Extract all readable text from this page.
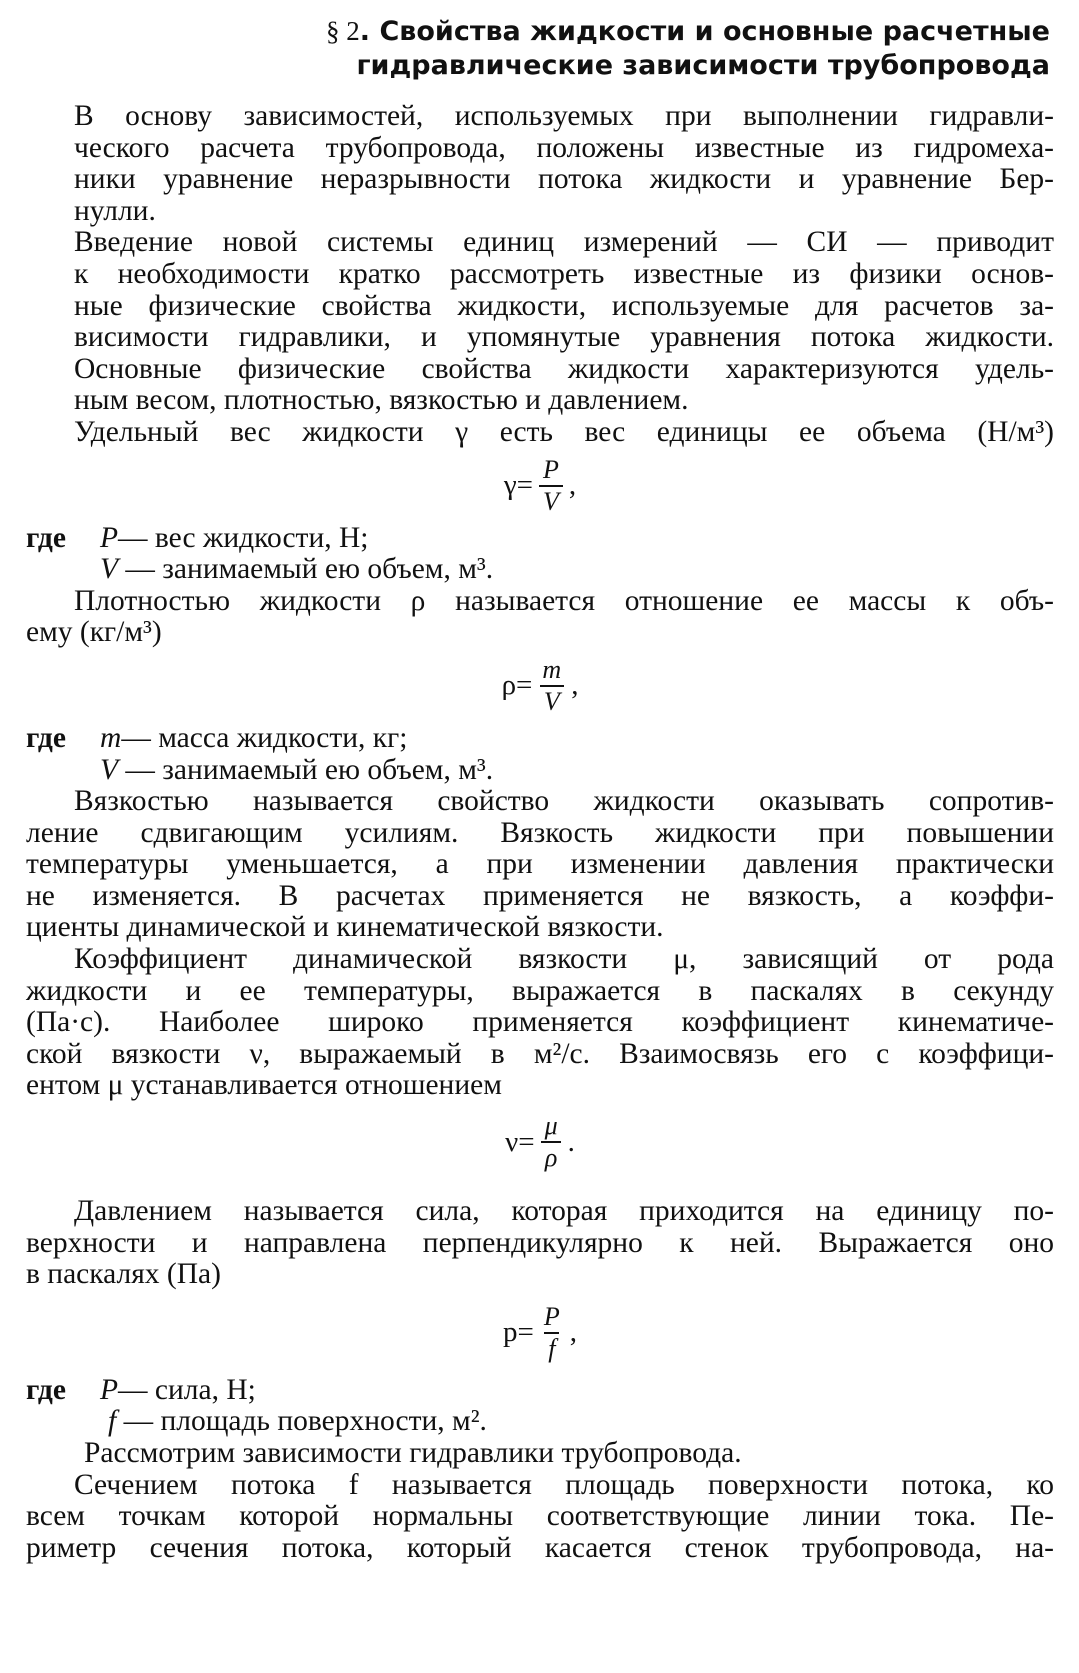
§ 2. Свойства жидкости и основные расчетные
гидравлические зависимости трубопровода

В основу зависимостей, используемых при выполнении гидравли-
ческого расчета трубопровода, положены известные из гидромеха-
ники уравнение неразрывности потока жидкости и уравнение Бер-
нулли.

Введение новой системы единиц измерений — СИ — приводит
к необходимости кратко рассмотреть известные из физики основ-
ные физические свойства жидкости, используемые для расчетов за-
висимости гидравлики, и упомянутые уравнения потока жидкости.
Основные физические свойства жидкости характеризуются удель-
ным весом, плотностью, вязкостью и давлением.

Удельный вес жидкости γ есть вес единицы ее объема (Н/м³)

$\gamma = \frac{P}{V}$ ,
где	P — вес жидкости, Н;
V — занимаемый ею объем, м³.

Плотностью жидкости ρ называется отношение ее массы к объ-
ему (кг/м³)

$\rho = \frac{m}{V}$ ,
где	m — масса жидкости, кг;
V — занимаемый ею объем, м³.

Вязкостью называется свойство жидкости оказывать сопротив-
ление сдвигающим усилиям. Вязкость жидкости при повышении
температуры уменьшается, а при изменении давления практически
не изменяется. В расчетах применяется не вязкость, а коэффи-
циенты динамической и кинематической вязкости.

Коэффициент динамической вязкости μ, зависящий от рода
жидкости и ее температуры, выражается в паскалях в секунду
(Па·с). Наиболее широко применяется коэффициент кинематиче-
ской вязкости ν, выражаемый в м²/с. Взаимосвязь его с коэффици-
ентом μ устанавливается отношением

$\nu = \frac{\mu}{\rho}$ .

Давлением называется сила, которая приходится на единицу по-
верхности и направлена перпендикулярно к ней. Выражается оно
в паскалях (Па)

$p = \frac{P}{f}$ ,
где	P — сила, Н;
f — площадь поверхности, м².

Рассмотрим зависимости гидравлики трубопровода.

Сечением потока f называется площадь поверхности потока, ко
всем точкам которой нормальны соответствующие линии тока. Пе-
риметр сечения потока, который касается стенок трубопровода, на-
